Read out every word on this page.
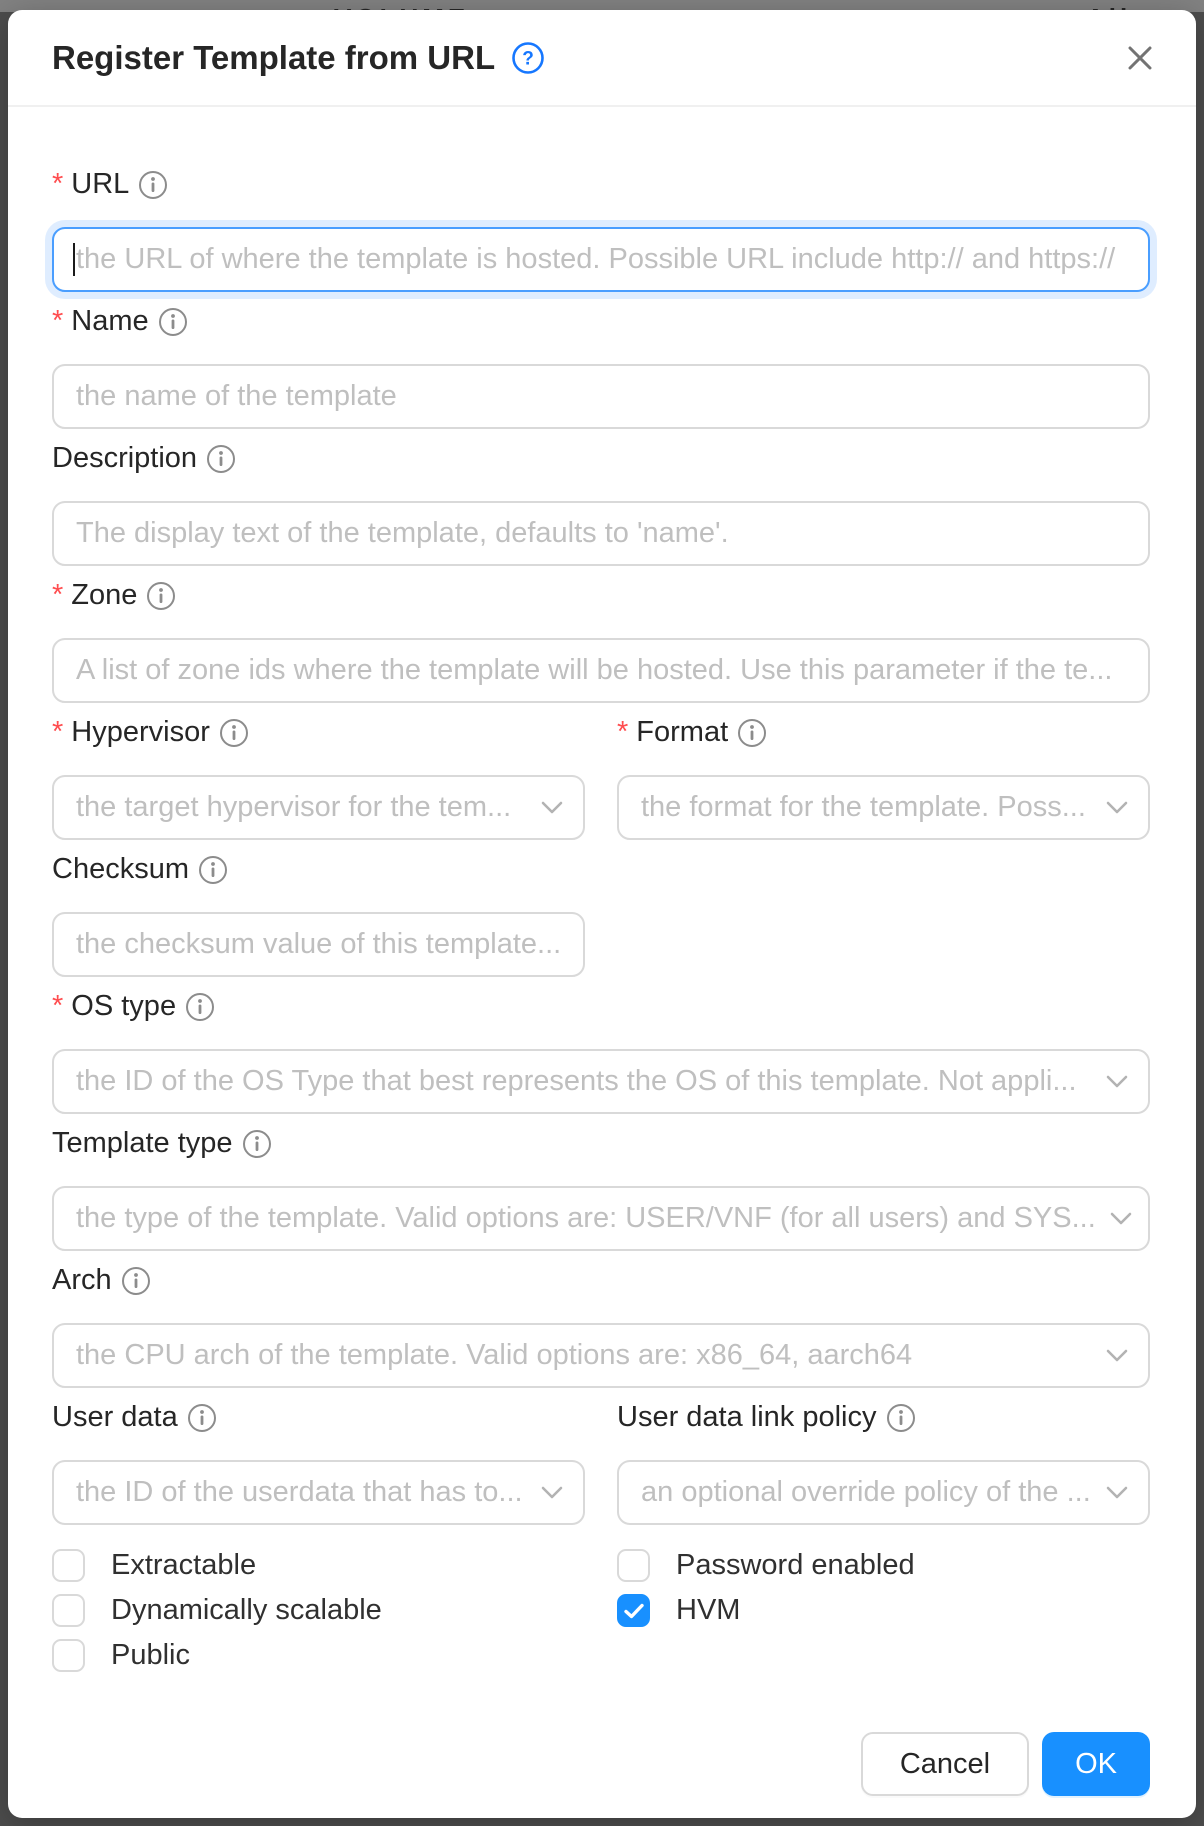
Register Template from URL ?
* URL
the URL of where the template is hosted. Possible URL include http:// and https://
* Name
the name of the template
Description
The display text of the template, defaults to 'name'.
* Zone
A list of zone ids where the template will be hosted. Use this parameter if the te...
* Hypervisor
the target hypervisor for the tem...
* Format
the format for the template. Poss...
Checksum
the checksum value of this template...
* OS type
the ID of the OS Type that best represents the OS of this template. Not appli...
Template type
the type of the template. Valid options are: USER/VNF (for all users) and SYS...
Arch
the CPU arch of the template. Valid options are: x86_64, aarch64
User data
the ID of the userdata that has to...
User data link policy
an optional override policy of the ...
Extractable
Dynamically scalable
Public
Password enabled
HVM
Cancel	OK
